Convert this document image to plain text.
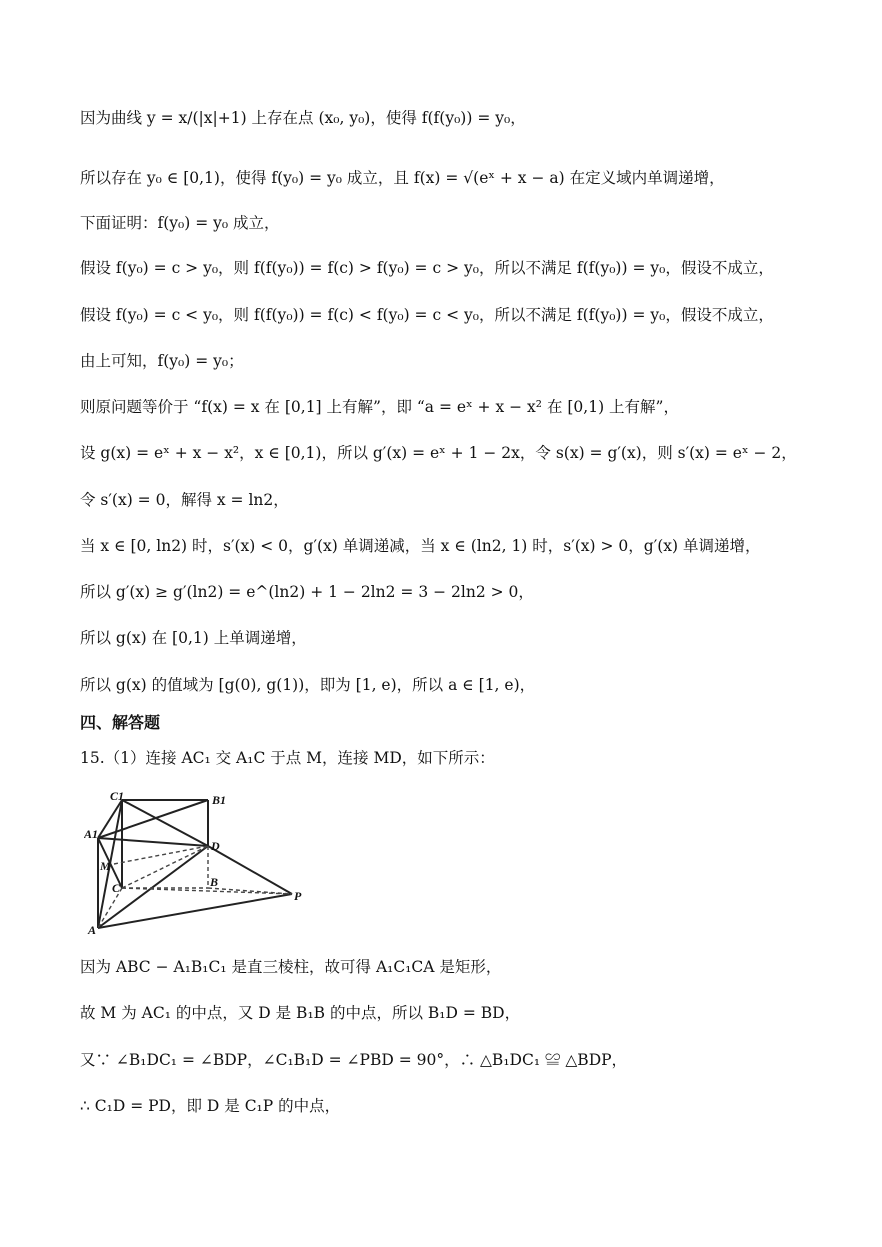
因为曲线 y = x/(|x|+1) 上存在点 (x₀, y₀)，使得 f(f(y₀)) = y₀，
所以存在 y₀ ∈ [0,1)，使得 f(y₀) = y₀ 成立，且 f(x) = √(eˣ + x − a) 在定义域内单调递增，
下面证明：f(y₀) = y₀ 成立，
假设 f(y₀) = c > y₀，则 f(f(y₀)) = f(c) > f(y₀) = c > y₀，所以不满足 f(f(y₀)) = y₀，假设不成立，
假设 f(y₀) = c < y₀，则 f(f(y₀)) = f(c) < f(y₀) = c < y₀，所以不满足 f(f(y₀)) = y₀，假设不成立，
由上可知，f(y₀) = y₀；
则原问题等价于 “f(x) = x 在 [0,1] 上有解”，即 “a = eˣ + x − x² 在 [0,1) 上有解”，
设 g(x) = eˣ + x − x²，x ∈ [0,1)，所以 g′(x) = eˣ + 1 − 2x，令 s(x) = g′(x)，则 s′(x) = eˣ − 2，
令 s′(x) = 0，解得 x = ln2，
当 x ∈ [0, ln2) 时，s′(x) < 0，g′(x) 单调递减，当 x ∈ (ln2, 1) 时，s′(x) > 0，g′(x) 单调递增，
所以 g′(x) ≥ g′(ln2) = e^(ln2) + 1 − 2ln2 = 3 − 2ln2 > 0，
所以 g(x) 在 [0,1) 上单调递增，
所以 g(x) 的值域为 [g(0), g(1))，即为 [1, e)，所以 a ∈ [1, e)，
四、解答题
15.（1）连接 AC₁ 交 A₁C 于点 M，连接 MD，如下所示：
C1	B1
A1
D
M
C	B
P
A
因为 ABC − A₁B₁C₁ 是直三棱柱，故可得 A₁C₁CA 是矩形，
故 M 为 AC₁ 的中点，又 D 是 B₁B 的中点，所以 B₁D = BD，
又∵ ∠B₁DC₁ = ∠BDP，∠C₁B₁D = ∠PBD = 90°，∴ △B₁DC₁ ≌ △BDP，
∴ C₁D = PD，即 D 是 C₁P 的中点，
